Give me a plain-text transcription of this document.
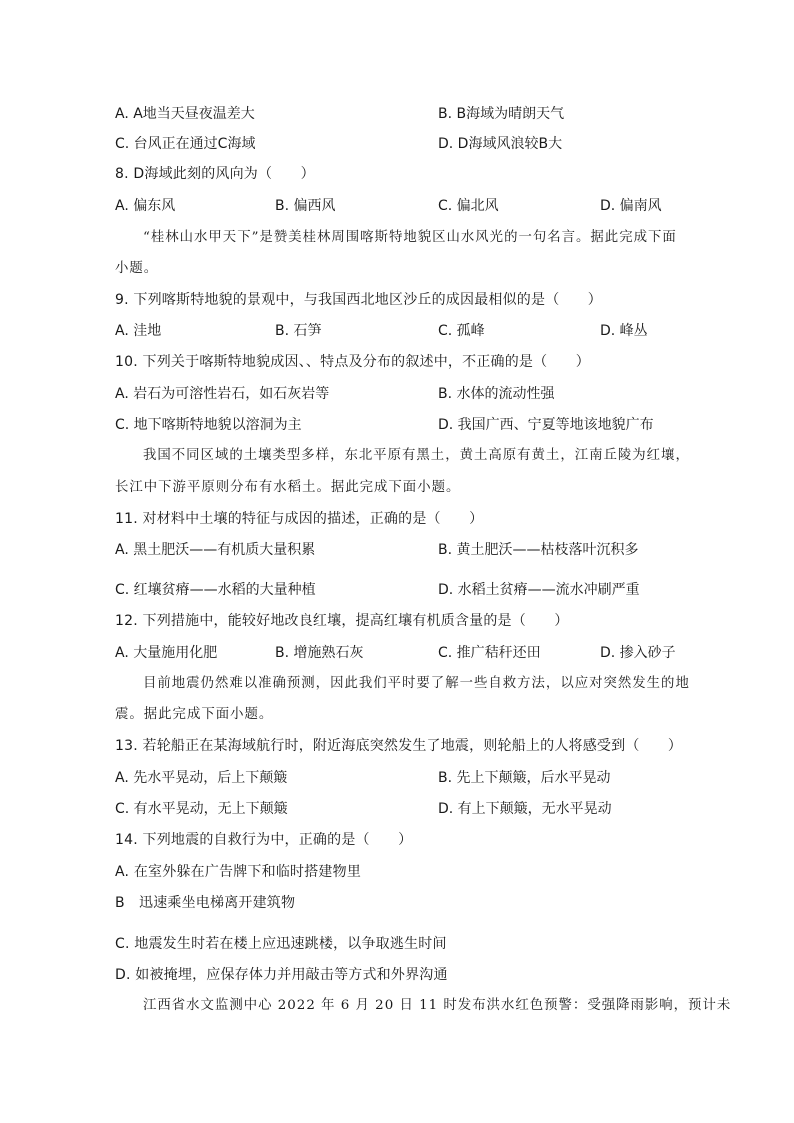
A. A地当天昼夜温差大	B. B海域为晴朗天气
C. 台风正在通过C海域	D. D海域风浪较B大
8. D海域此刻的风向为（　　）
A. 偏东风	B. 偏西风	C. 偏北风	D. 偏南风
“桂林山水甲天下”是赞美桂林周围喀斯特地貌区山水风光的一句名言。据此完成下面
小题。
9. 下列喀斯特地貌的景观中，与我国西北地区沙丘的成因最相似的是（　　）
A. 洼地	B. 石笋	C. 孤峰	D. 峰丛
10. 下列关于喀斯特地貌成因、、特点及分布的叙述中，不正确的是（　　）
A. 岩石为可溶性岩石，如石灰岩等	B. 水体的流动性强
C. 地下喀斯特地貌以溶洞为主	D. 我国广西、宁夏等地该地貌广布
我国不同区域的土壤类型多样，东北平原有黑土，黄土高原有黄土，江南丘陵为红壤，
长江中下游平原则分布有水稻土。据此完成下面小题。
11. 对材料中土壤的特征与成因的描述，正确的是（　　）
A. 黑土肥沃——有机质大量积累	B. 黄土肥沃——枯枝落叶沉积多
C. 红壤贫瘠——水稻的大量种植	D. 水稻土贫瘠——流水冲刷严重
12. 下列措施中，能较好地改良红壤，提高红壤有机质含量的是（　　）
A. 大量施用化肥	B. 增施熟石灰	C. 推广秸秆还田	D. 掺入砂子
目前地震仍然难以准确预测，因此我们平时要了解一些自救方法，以应对突然发生的地
震。据此完成下面小题。
13. 若轮船正在某海域航行时，附近海底突然发生了地震，则轮船上的人将感受到（　　）
A. 先水平晃动，后上下颠簸	B. 先上下颠簸，后水平晃动
C. 有水平晃动，无上下颠簸	D. 有上下颠簸，无水平晃动
14. 下列地震的自救行为中，正确的是（　　）
A. 在室外躲在广告牌下和临时搭建物里
B　迅速乘坐电梯离开建筑物
C. 地震发生时若在楼上应迅速跳楼，以争取逃生时间
D. 如被掩埋，应保存体力并用敲击等方式和外界沟通
江西省水文监测中心 2022 年 6 月 20 日 11 时发布洪水红色预警：受强降雨影响，预计未
